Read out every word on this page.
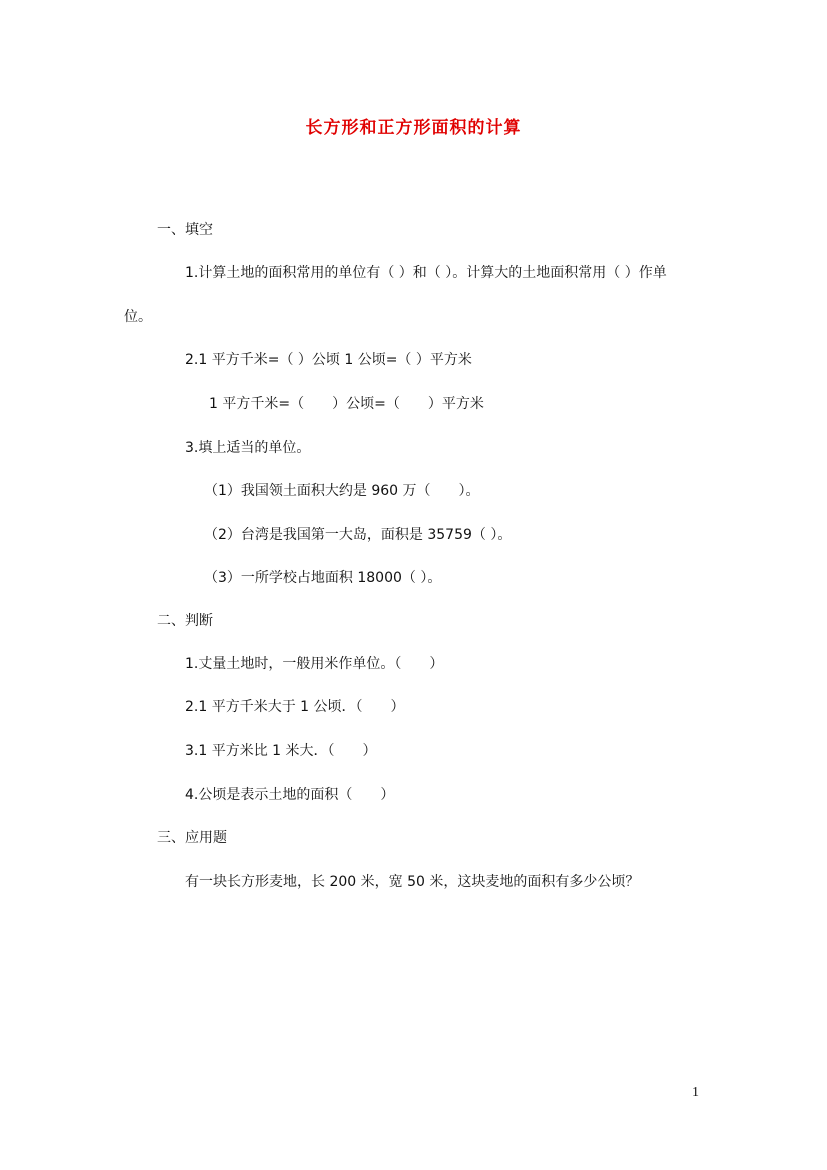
长方形和正方形面积的计算
一、填空
1.计算土地的面积常用的单位有（ ）和（ ）。计算大的土地面积常用（ ）作单
位。
2.1 平方千米=（ ）公顷 1 公顷=（ ）平方米
1 平方千米=（　　）公顷=（　　）平方米
3.填上适当的单位。
（1）我国领土面积大约是 960 万（　　）。
（2）台湾是我国第一大岛，面积是 35759（ ）。
（3）一所学校占地面积 18000（ ）。
二、判断
1.丈量土地时，一般用米作单位。（　　）
2.1 平方千米大于 1 公顷．（　　）
3.1 平方米比 1 米大．（　　）
4.公顷是表示土地的面积（　　）
三、应用题
有一块长方形麦地，长 200 米，宽 50 米，这块麦地的面积有多少公顷？
1
